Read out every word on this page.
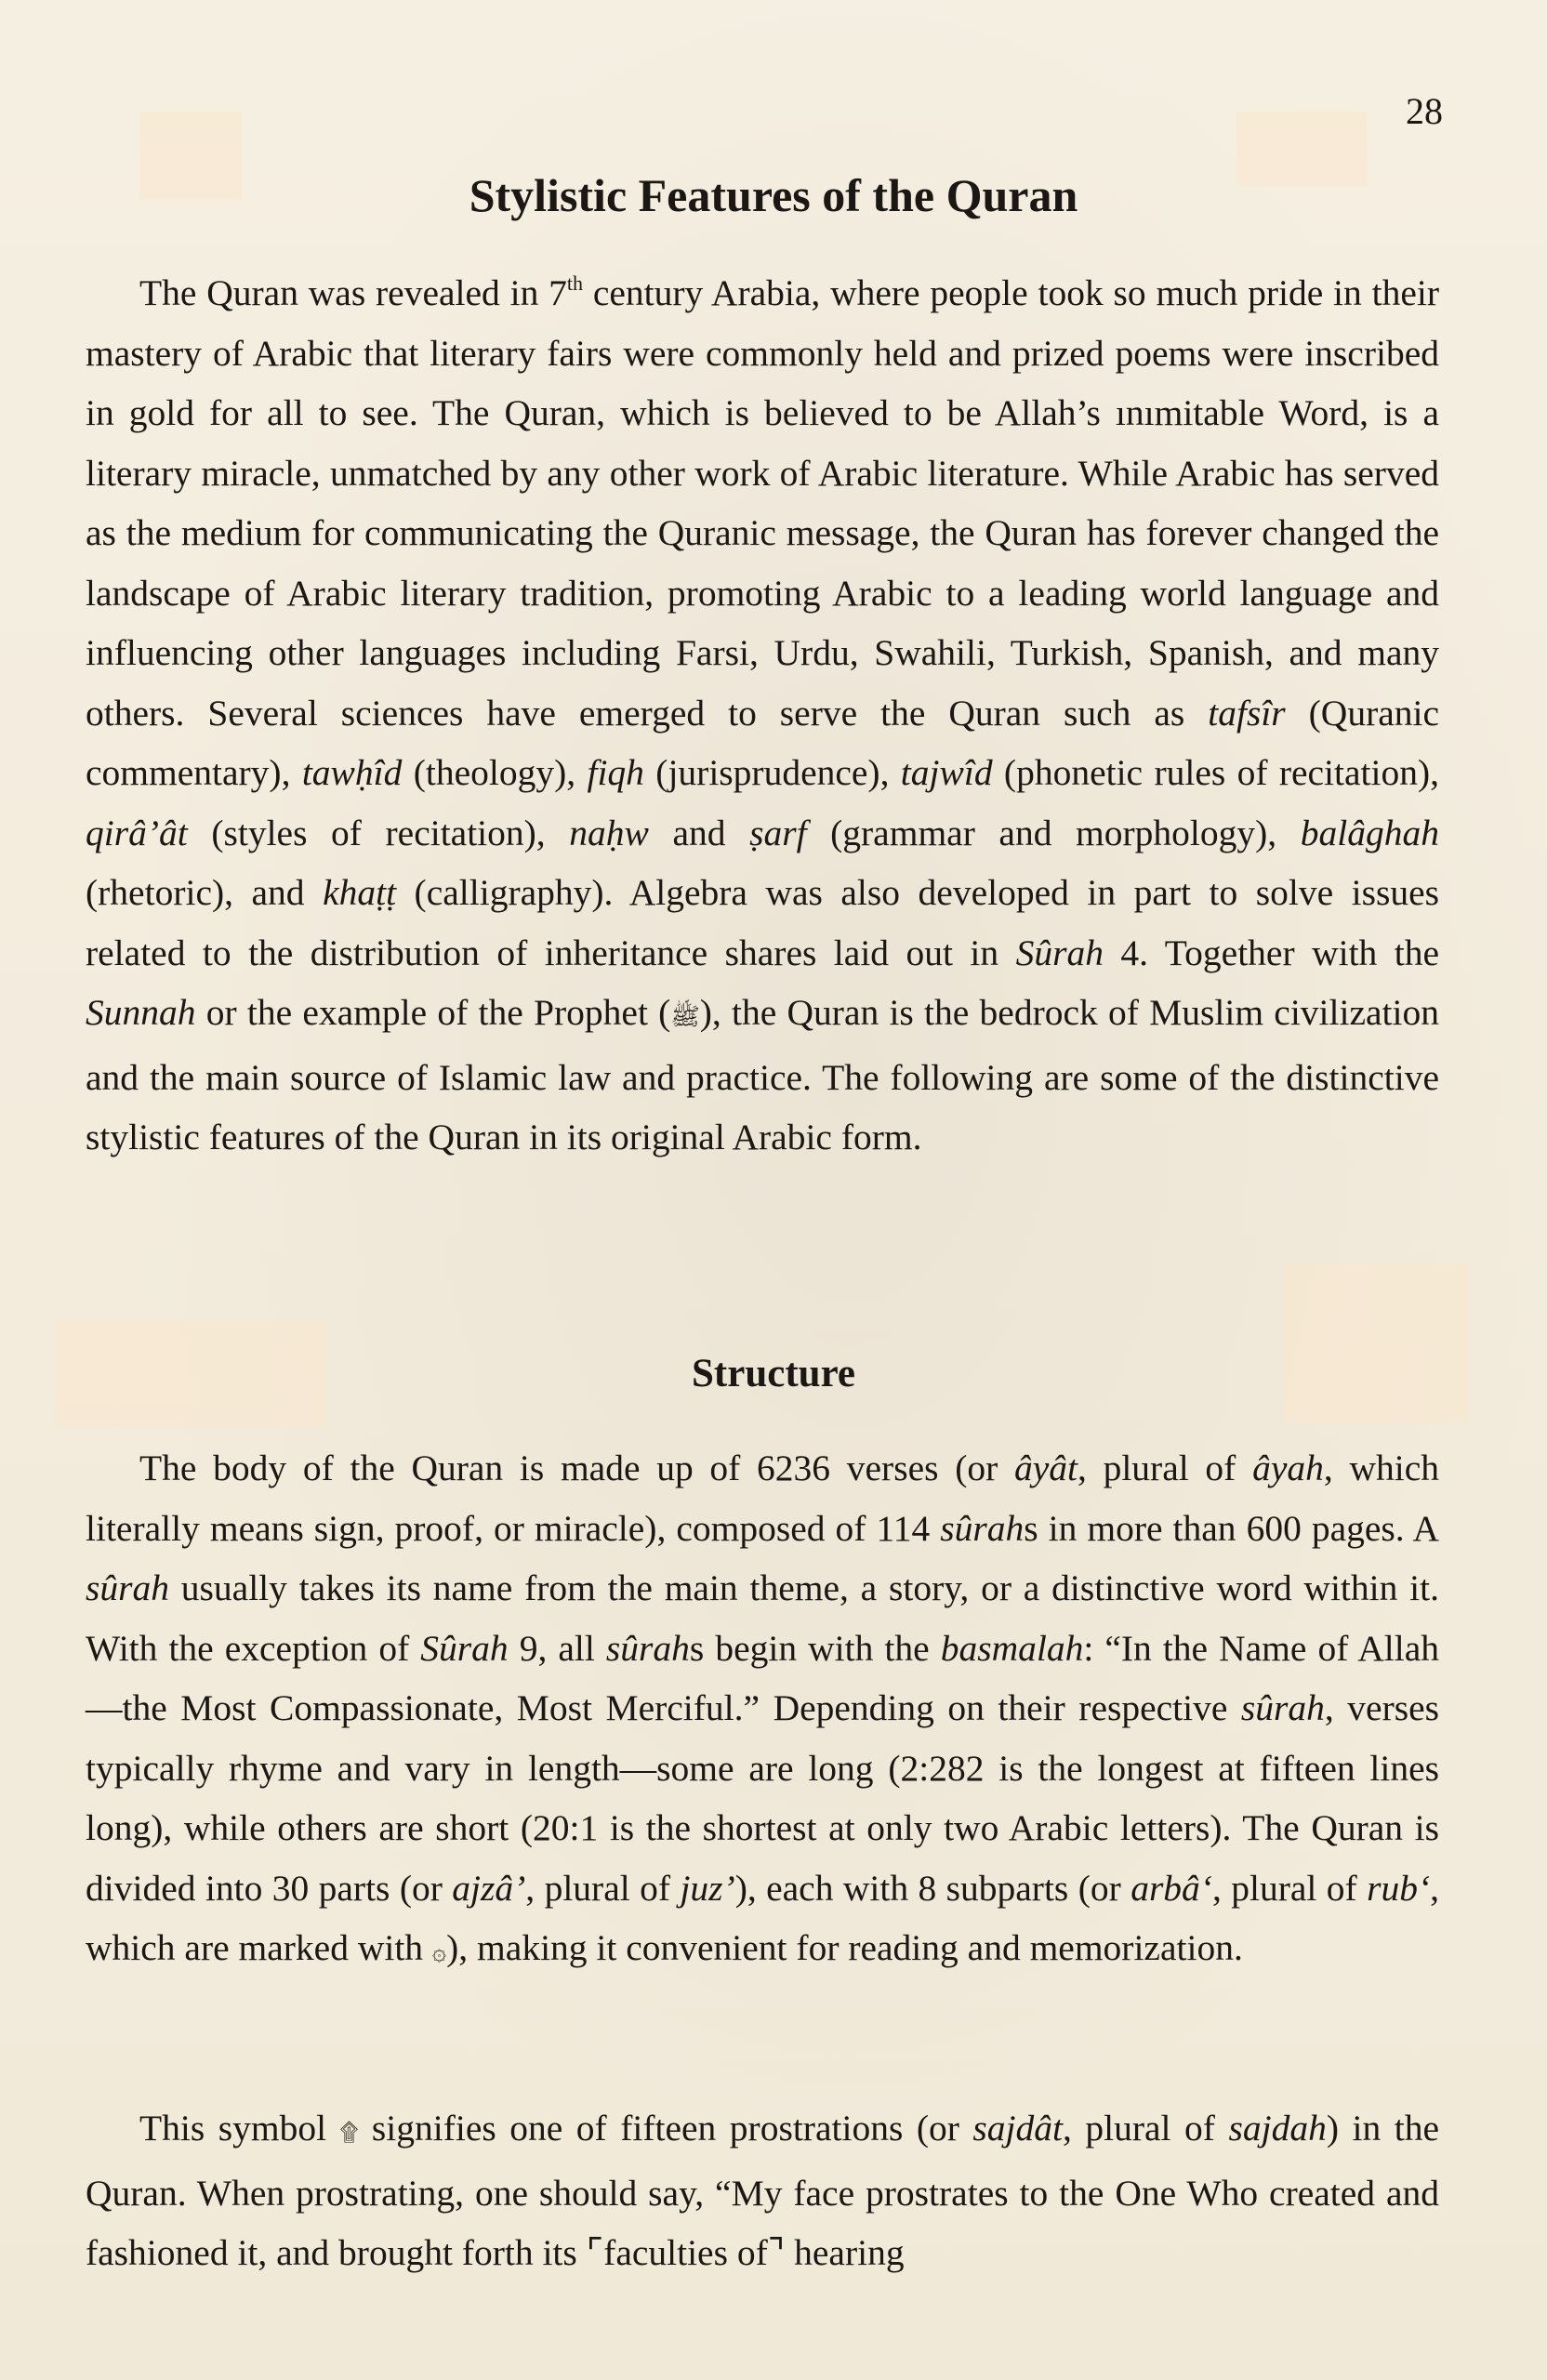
28
Stylistic Features of the Quran

The Quran was revealed in 7th century Arabia, where people took so much pride in their mastery of Arabic that literary fairs were commonly held and prized poems were inscribed in gold for all to see. The Quran, which is believed to be Allah’s ınımitable Word, is a literary miracle, unmatched by any other work of Arabic literature. While Arabic has served as the medium for communicating the Quranic message, the Quran has forever changed the landscape of Arabic literary tradition, promoting Arabic to a leading world language and influencing other languages including Farsi, Urdu, Swahili, Turkish, Spanish, and many others. Several sciences have emerged to serve the Quran such as tafsîr (Quranic commentary), tawḥîd (theology), fiqh (jurisprudence), tajwîd (phonetic rules of recitation), qirâ’ât (styles of recitation), naḥw and ṣarf (grammar and morphology), balâghah (rhetoric), and khaṭṭ (calligraphy). Algebra was also developed in part to solve issues related to the distribution of inheritance shares laid out in Sûrah 4. Together with the Sunnah or the example of the Prophet (ﷺ), the Quran is the bedrock of Muslim civilization and the main source of Islamic law and practice. The following are some of the distinctive stylistic features of the Quran in its original Arabic form.

Structure

The body of the Quran is made up of 6236 verses (or âyât, plural of âyah, which literally means sign, proof, or miracle), composed of 114 sûrahs in more than 600 pages. A sûrah usually takes its name from the main theme, a story, or a distinctive word within it. With the exception of Sûrah 9, all sûrahs begin with the basmalah: “In the Name of Allah—the Most Compassionate, Most Merciful.” Depending on their respective sûrah, verses typically rhyme and vary in length—some are long (2:282 is the longest at fifteen lines long), while others are short (20:1 is the shortest at only two Arabic letters). The Quran is divided into 30 parts (or ajzâ’, plural of juz’), each with 8 subparts (or arbâ‘, plural of rub‘, which are marked with ۞), making it convenient for reading and memorization.

This symbol ۩ signifies one of fifteen prostrations (or sajdât, plural of sajdah) in the Quran. When prostrating, one should say, “My face prostrates to the One Who created and fashioned it, and brought forth its ⌜faculties of⌝ hearing
